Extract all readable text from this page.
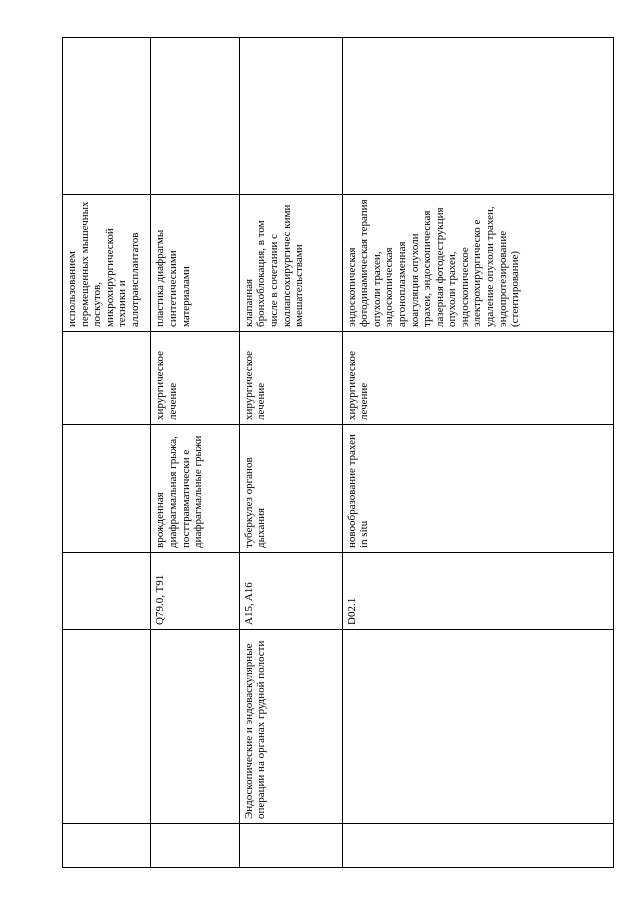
					использованием перемещенных мышечных лоскутов, микрохирургической техники и аллотрансплантатов	
		Q79.0, T91	врожденная диафрагмальная грыжа, посттравматически е диафрагмальные грыжи	хирургическое лечение	пластика диафрагмы синтетическими материалами	
	Эндоскопические и эндоваскулярные операции на органах грудной полости	A15, A16	туберкулез органов дыхания	хирургическое лечение	клапанная бронхоблокация, в том числе в сочетании с коллапсохирургичес кими вмешательствами	
		D02.1	новообразование трахеи in situ	хирургическое лечение	эндоскопическая фотодинамическая терапия опухоли трахеи, эндоскопическая аргоноплазменная коагуляция опухоли трахеи, эндоскопическая лазерная фотодеструкция опухоли трахеи, эндоскопическое электрохирургическо е удаление опухоли трахеи, эндопротезирование (стентирование)	
